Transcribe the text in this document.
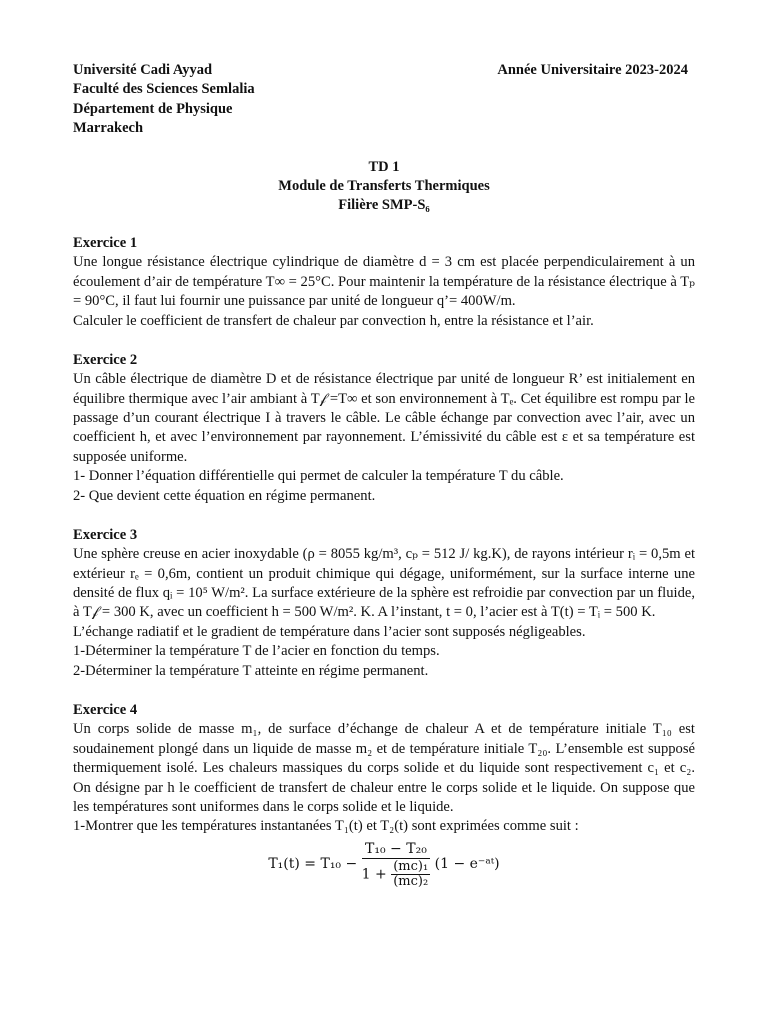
Université Cadi Ayyad
Faculté des Sciences Semlalia
Département de Physique
Marrakech
Année Universitaire 2023-2024
TD 1
Module de Transferts Thermiques
Filière SMP-S₆
Exercice 1
Une longue résistance électrique cylindrique de diamètre d = 3 cm est placée perpendiculairement à un écoulement d’air de température T∞ = 25°C. Pour maintenir la température de la résistance électrique à Tₚ = 90°C, il faut lui fournir une puissance par unité de longueur q’= 400W/m.
Calculer le coefficient de transfert de chaleur par convection h, entre la résistance et l’air.
Exercice 2
Un câble électrique de diamètre D et de résistance électrique par unité de longueur R’ est initialement en équilibre thermique avec l’air ambiant à T𝒻 =T∞ et son environnement à Tₑ. Cet équilibre est rompu par le passage d’un courant électrique I à travers le câble. Le câble échange par convection avec l’air, avec un coefficient h, et avec l’environnement par rayonnement. L’émissivité du câble est ε et sa température est supposée uniforme.
1- Donner l’équation différentielle qui permet de calculer la température T du câble.
2- Que devient cette équation en régime permanent.
Exercice 3
Une sphère creuse en acier inoxydable (ρ = 8055 kg/m³, cₚ = 512 J/ kg.K), de rayons intérieur rᵢ = 0,5m et extérieur rₑ = 0,6m, contient un produit chimique qui dégage, uniformément, sur la surface interne une densité de flux qᵢ = 10⁵ W/m². La surface extérieure de la sphère est refroidie par convection par un fluide, à T𝒻 = 300 K, avec un coefficient h = 500 W/m². K. A l’instant, t = 0, l’acier est à T(t) = Tᵢ = 500 K.
L’échange radiatif et le gradient de température dans l’acier sont supposés négligeables.
1-Déterminer la température T de l’acier en fonction du temps.
2-Déterminer la température T atteinte en régime permanent.
Exercice 4
Un corps solide de masse m₁, de surface d’échange de chaleur A et de température initiale T₁₀ est soudainement plongé dans un liquide de masse m₂ et de température initiale T₂₀. L’ensemble est supposé thermiquement isolé. Les chaleurs massiques du corps solide et du liquide sont respectivement c₁ et c₂. On désigne par h le coefficient de transfert de chaleur entre le corps solide et le liquide. On suppose que les températures sont uniformes dans le corps solide et le liquide.
1-Montrer que les températures instantanées T₁(t) et T₂(t) sont exprimées comme suit :
$T_1(t) = T_{10} - \frac{\text{T₁₀ − T₂₀}}{1 + \frac{\text{(mc)₁}}{\text{(mc)₂}}} (1$ − e⁻ᵃᵗ)
